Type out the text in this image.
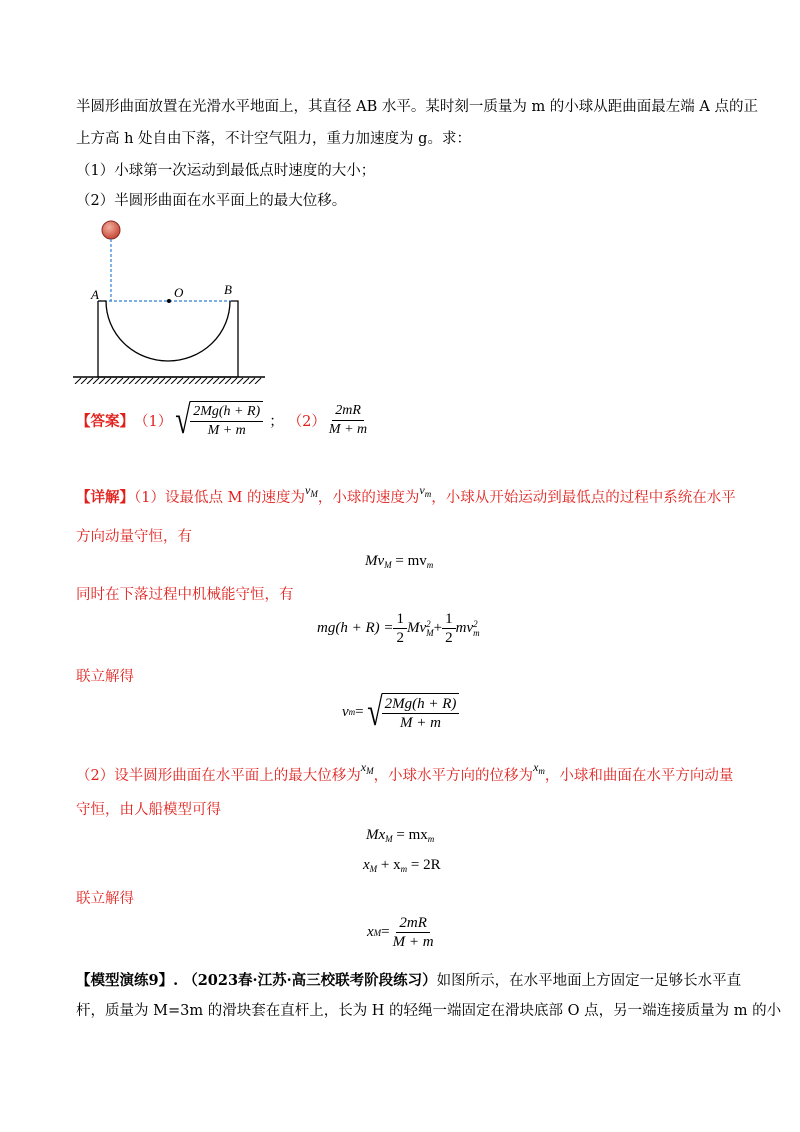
半圆形曲面放置在光滑水平地面上，其直径 AB 水平。某时刻一质量为 m 的小球从距曲面最左端 A 点的正
上方高 h 处自由下落，不计空气阻力，重力加速度为 g。求：
（1）小球第一次运动到最低点时速度的大小；
（2）半圆形曲面在水平面上的最大位移。
A	O	B
【答案】 （1） √ $\frac{2Mg(h + R)}{M + m}$ ； $(2) \frac{2mR}{M + m}$
【详解】（1）设最低点 M 的速度为$^{v_M}$，小球的速度为$^{v_m}$，小球从开始运动到最低点的过程中系统在水平
方向动量守恒，有
$Mv_M = mv_m$
同时在下落过程中机械能守恒，有
$mg(h + R) = \frac{1}{2}$ Mv 2
$M + \frac{1}{2}$ mv 2
m
联立解得
v m = √ $\frac{2Mg(h + R)}{M + m}$
（2）设半圆形曲面在水平面上的最大位移为$^{x_M}$，小球水平方向的位移为$^{x_m}$，小球和曲面在水平方向动量
守恒，由人船模型可得
$Mx_M = mx_m$
$x_M + x_m = 2R$
联立解得
x $M = \frac{2mR}{M + m}$
【模型演练9】. （2023春·江苏·高三校联考阶段练习）如图所示，在水平地面上方固定一足够长水平直
杆，质量为 M=3m 的滑块套在直杆上，长为 H 的轻绳一端固定在滑块底部 O 点，另一端连接质量为 m 的小
